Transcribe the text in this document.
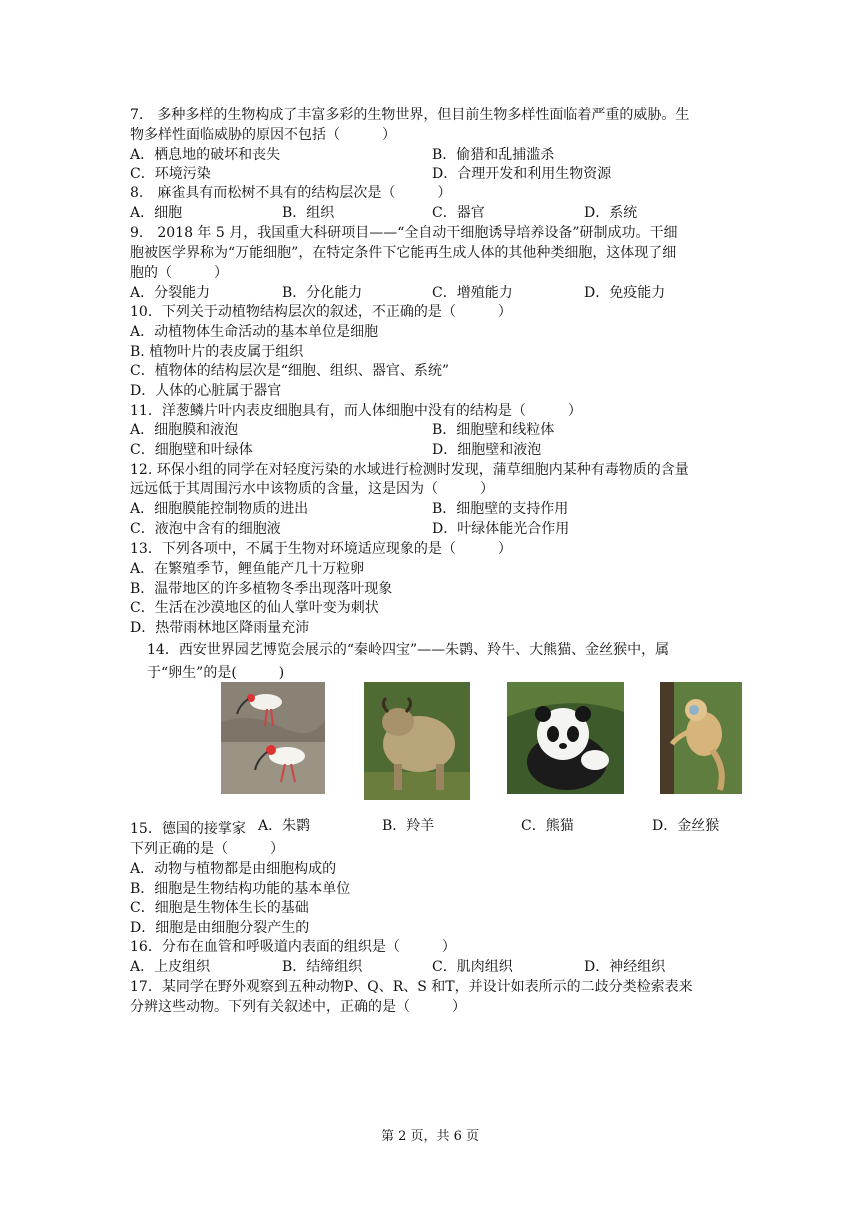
7.　多种多样的生物构成了丰富多彩的生物世界，但目前生物多样性面临着严重的威胁。生
物多样性面临威胁的原因不包括（　　　）
A．栖息地的破坏和丧失	B．偷猎和乱捕滥杀
C．环境污染	D．合理开发和利用生物资源
8.　麻雀具有而松树不具有的结构层次是（　　　）
A．细胞	B．组织	C．器官	D．系统
9.　2018 年 5 月，我国重大科研项目——“全自动干细胞诱导培养设备”研制成功。干细
胞被医学界称为“万能细胞”，在特定条件下它能再生成人体的其他种类细胞，这体现了细
胞的（　　　）
A．分裂能力	B．分化能力	C．增殖能力	D．免疫能力
10．下列关于动植物结构层次的叙述，不正确的是（　　　）
A．动植物体生命活动的基本单位是细胞
B. 植物叶片的表皮属于组织
C．植物体的结构层次是“细胞、组织、器官、系统”
D．人体的心脏属于器官
11．洋葱鳞片叶内表皮细胞具有，而人体细胞中没有的结构是（　　　）
A．细胞膜和液泡	B．细胞壁和线粒体
C．细胞壁和叶绿体	D．细胞壁和液泡
12. 环保小组的同学在对轻度污染的水域进行检测时发现，蒲草细胞内某种有毒物质的含量
远远低于其周围污水中该物质的含量，这是因为（　　　）
A．细胞膜能控制物质的进出	B．细胞壁的支持作用
C．液泡中含有的细胞液	D．叶绿体能光合作用
13．下列各项中，不属于生物对环境适应现象的是（　　　）
A．在繁殖季节，鲤鱼能产几十万粒卵
B．温带地区的许多植物冬季出现落叶现象
C．生活在沙漠地区的仙人掌叶变为刺状
D．热带雨林地区降雨量充沛
14．西安世界园艺博览会展示的“秦岭四宝”——朱鹮、羚牛、大熊猫、金丝猴中，属
于“卵生”的是(　　　)
A．朱鹮	B．羚羊	C．熊猫	D．金丝猴
15．德国的接掌家
下列正确的是（　　　）
A．动物与植物都是由细胞构成的
B．细胞是生物结构功能的基本单位
C．细胞是生物体生长的基础
D．细胞是由细胞分裂产生的
16．分布在血管和呼吸道内表面的组织是（　　　）
A．上皮组织	B．结缔组织	C．肌肉组织	D．神经组织
17．某同学在野外观察到五种动物P、Q、R、S 和T，并设计如表所示的二歧分类检索表来
分辨这些动物。下列有关叙述中，正确的是（　　　）
第 2 页，共 6 页
